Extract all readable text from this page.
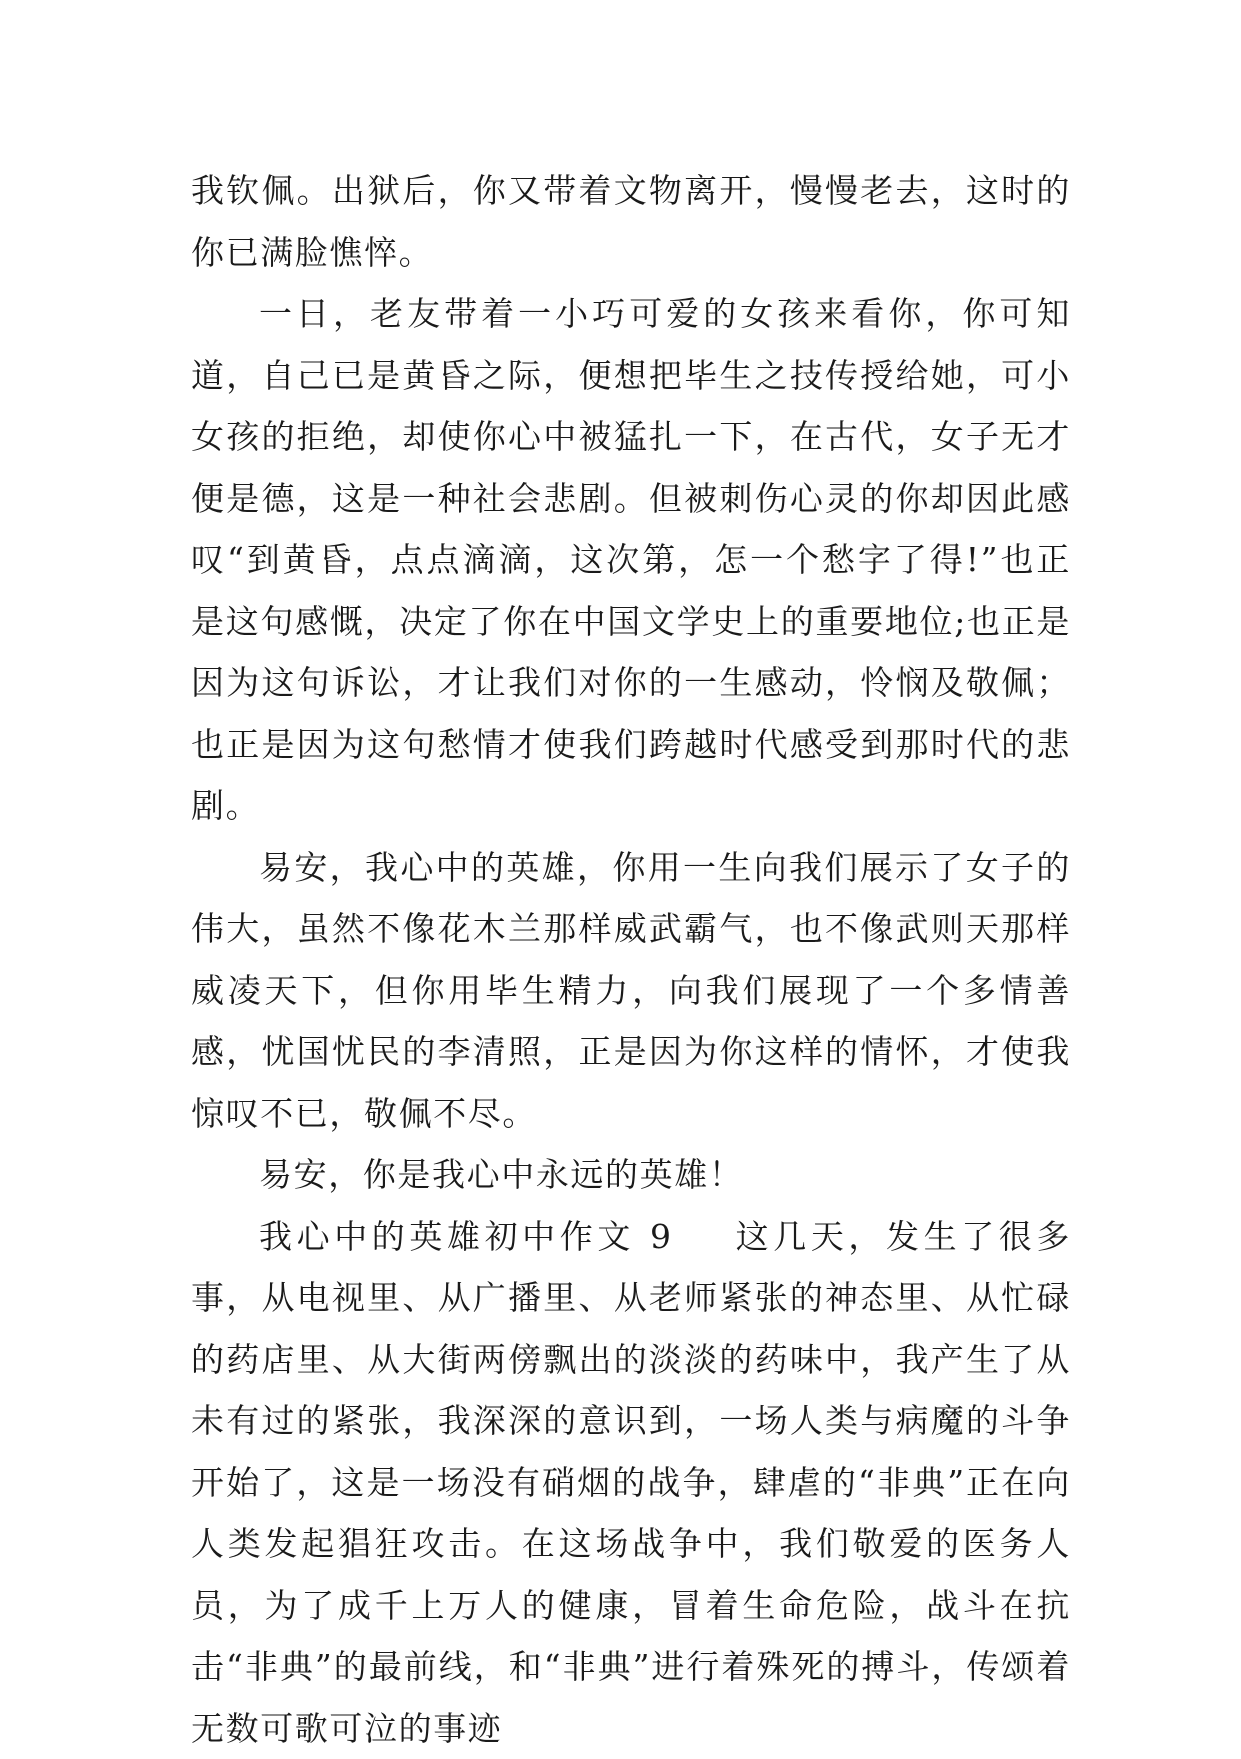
我钦佩。出狱后，你又带着文物离开，慢慢老去，这时的你已满脸憔悴。

一日，老友带着一小巧可爱的女孩来看你，你可知道，自己已是黄昏之际，便想把毕生之技传授给她，可小女孩的拒绝，却使你心中被猛扎一下，在古代，女子无才便是德，这是一种社会悲剧。但被刺伤心灵的你却因此感叹“到黄昏，点点滴滴，这次第，怎一个愁字了得!”也正是这句感慨，决定了你在中国文学史上的重要地位;也正是因为这句诉讼，才让我们对你的一生感动，怜悯及敬佩；也正是因为这句愁情才使我们跨越时代感受到那时代的悲剧。

易安，我心中的英雄，你用一生向我们展示了女子的伟大，虽然不像花木兰那样威武霸气，也不像武则天那样威凌天下，但你用毕生精力，向我们展现了一个多情善感，忧国忧民的李清照，正是因为你这样的情怀，才使我惊叹不已，敬佩不尽。

易安，你是我心中永远的英雄！

我心中的英雄初中作文 9 这几天，发生了很多事，从电视里、从广播里、从老师紧张的神态里、从忙碌的药店里、从大街两傍飘出的淡淡的药味中，我产生了从未有过的紧张，我深深的意识到，一场人类与病魔的斗争开始了，这是一场没有硝烟的战争，肆虐的“非典”正在向人类发起猖狂攻击。在这场战争中，我们敬爱的医务人员，为了成千上万人的健康，冒着生命危险，战斗在抗击“非典”的最前线，和“非典”进行着殊死的搏斗，传颂着无数可歌可泣的事迹
